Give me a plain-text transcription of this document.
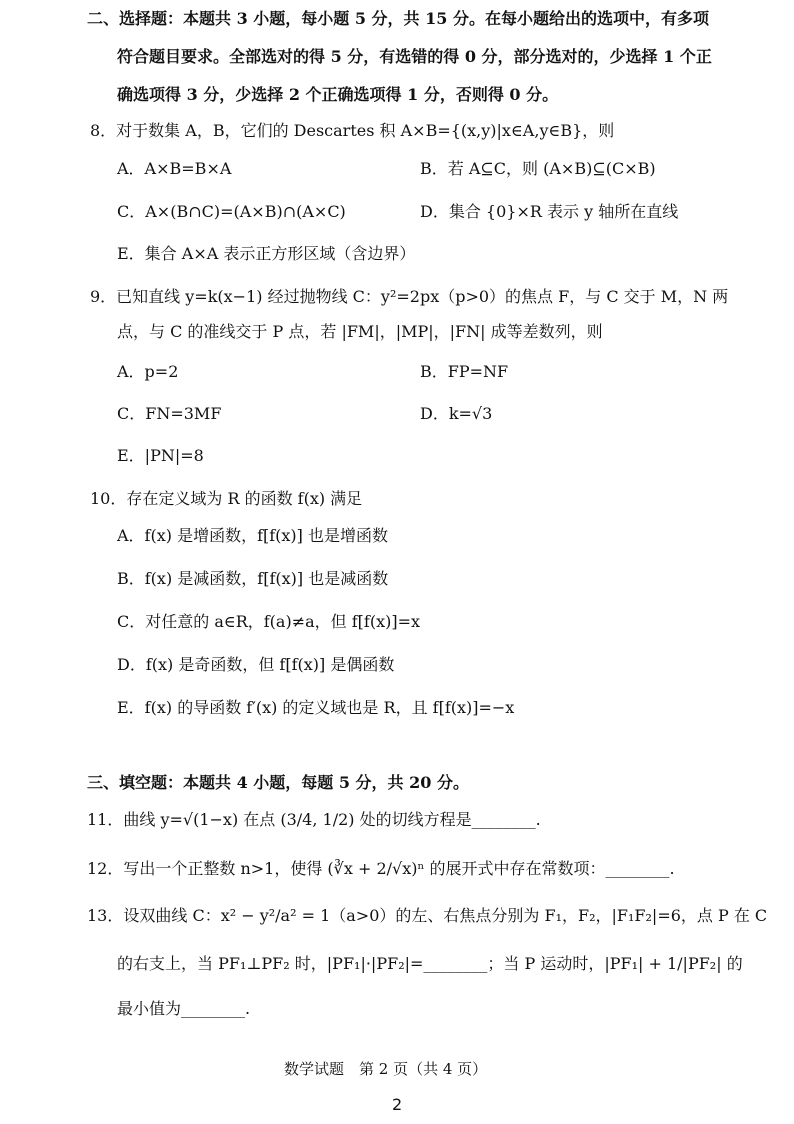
二、选择题：本题共 3 小题，每小题 5 分，共 15 分。在每小题给出的选项中，有多项
符合题目要求。全部选对的得 5 分，有选错的得 0 分，部分选对的，少选择 1 个正
确选项得 3 分，少选择 2 个正确选项得 1 分，否则得 0 分。
8．对于数集 A，B，它们的 Descartes 积 A×B={(x,y)|x∈A,y∈B}，则
A．A×B=B×A	B．若 A⊆C，则 (A×B)⊆(C×B)
C．A×(B∩C)=(A×B)∩(A×C)	D．集合 {0}×R 表示 y 轴所在直线
E．集合 A×A 表示正方形区域（含边界）
9．已知直线 y=k(x−1) 经过抛物线 C：y²=2px（p>0）的焦点 F，与 C 交于 M，N 两
点，与 C 的准线交于 P 点，若 |FM|，|MP|，|FN| 成等差数列，则
A．p=2	B．FP=NF
C．FN=3MF	D．k=√3
E．|PN|=8
10．存在定义域为 R 的函数 f(x) 满足
A．f(x) 是增函数，f[f(x)] 也是增函数
B．f(x) 是减函数，f[f(x)] 也是减函数
C．对任意的 a∈R，f(a)≠a，但 f[f(x)]=x
D．f(x) 是奇函数，但 f[f(x)] 是偶函数
E．f(x) 的导函数 f′(x) 的定义域也是 R，且 f[f(x)]=−x
三、填空题：本题共 4 小题，每题 5 分，共 20 分。
11．曲线 y=√(1−x) 在点 (3/4, 1/2) 处的切线方程是________.
12．写出一个正整数 n>1，使得 (∛x + 2/√x)ⁿ 的展开式中存在常数项：________.
13．设双曲线 C：x² − y²/a² = 1（a>0）的左、右焦点分别为 F₁，F₂，|F₁F₂|=6，点 P 在 C
的右支上，当 PF₁⊥PF₂ 时，|PF₁|·|PF₂|=________；当 P 运动时，|PF₁| + 1/|PF₂| 的
最小值为________.
数学试题　第 2 页（共 4 页）
2
